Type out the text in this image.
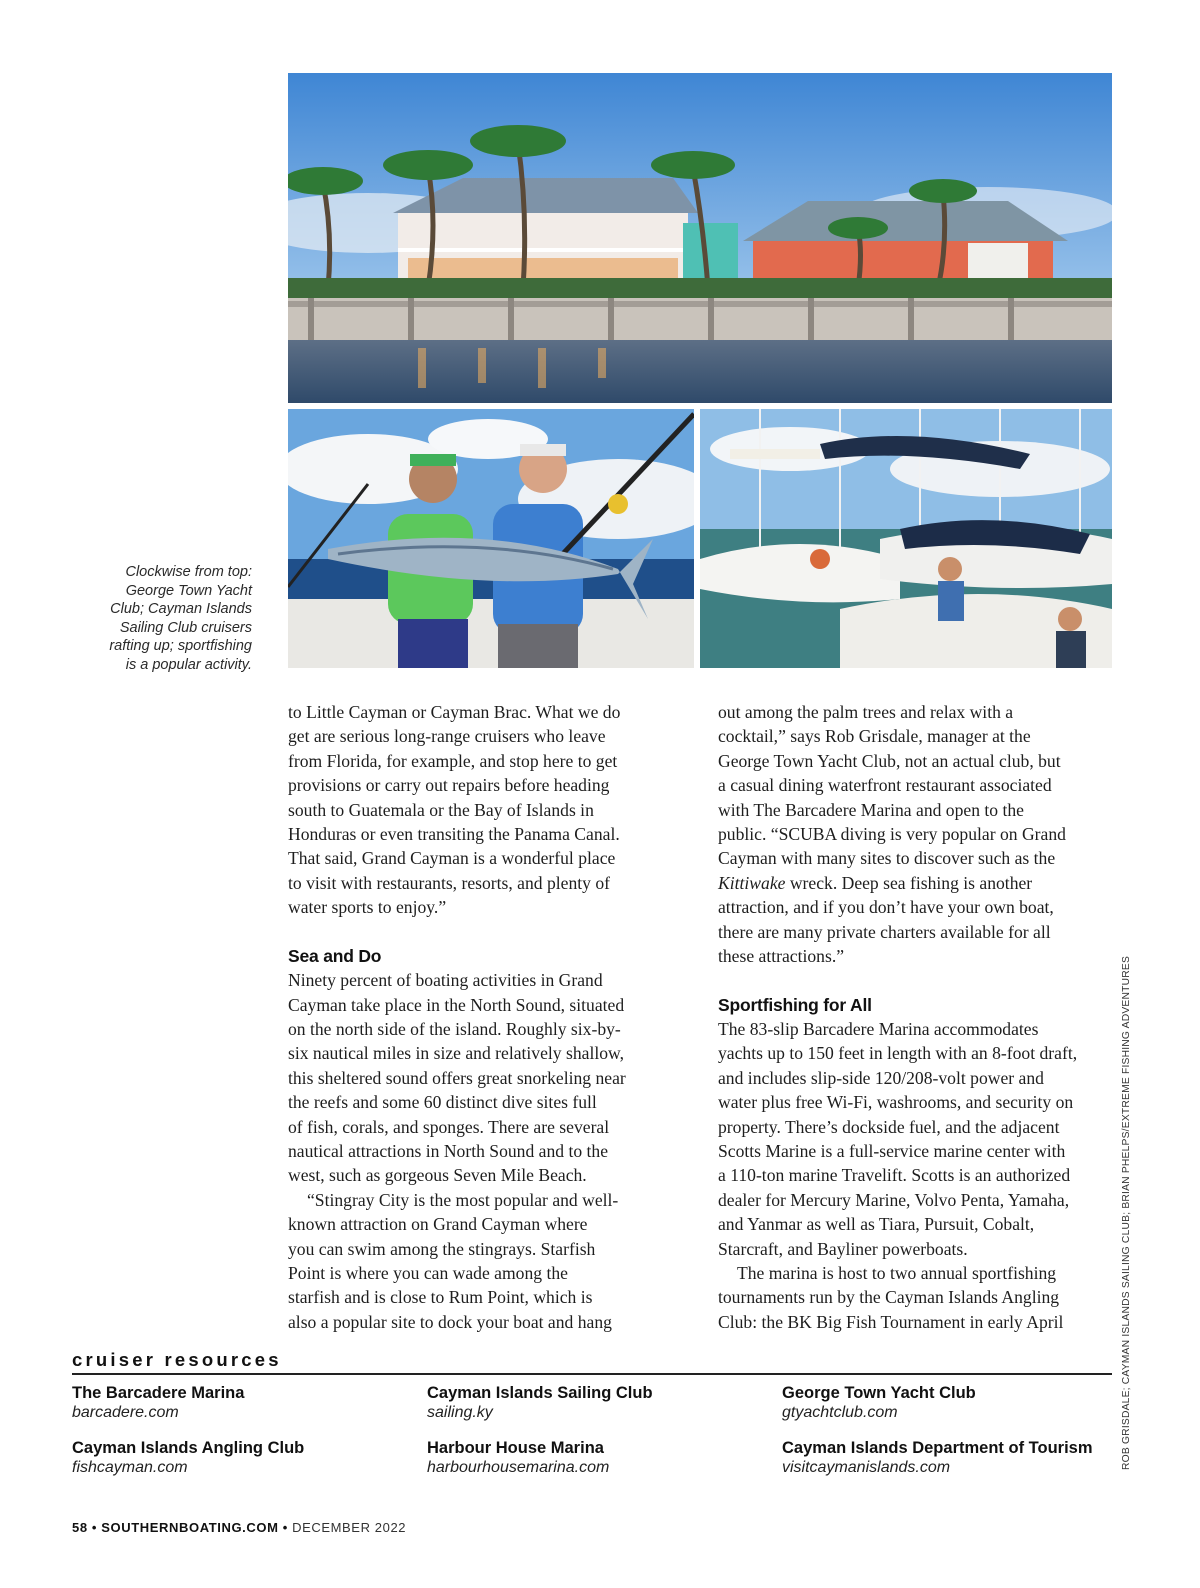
Clockwise from top:
George Town Yacht
Club; Cayman Islands
Sailing Club cruisers
rafting up; sportfishing
is a popular activity.
to Little Cayman or Cayman Brac. What we do
get are serious long-range cruisers who leave
from Florida, for example, and stop here to get
provisions or carry out repairs before heading
south to Guatemala or the Bay of Islands in
Honduras or even transiting the Panama Canal.
That said, Grand Cayman is a wonderful place
to visit with restaurants, resorts, and plenty of
water sports to enjoy.”
Sea and Do
Ninety percent of boating activities in Grand
Cayman take place in the North Sound, situated
on the north side of the island. Roughly six-by-
six nautical miles in size and relatively shallow,
this sheltered sound offers great snorkeling near
the reefs and some 60 distinct dive sites full
of fish, corals, and sponges. There are several
nautical attractions in North Sound and to the
west, such as gorgeous Seven Mile Beach.
“Stingray City is the most popular and well-
known attraction on Grand Cayman where
you can swim among the stingrays. Starfish
Point is where you can wade among the
starfish and is close to Rum Point, which is
also a popular site to dock your boat and hang
out among the palm trees and relax with a
cocktail,” says Rob Grisdale, manager at the
George Town Yacht Club, not an actual club, but
a casual dining waterfront restaurant associated
with The Barcadere Marina and open to the
public. “SCUBA diving is very popular on Grand
Cayman with many sites to discover such as the
Kittiwake wreck. Deep sea fishing is another
attraction, and if you don’t have your own boat,
there are many private charters available for all
these attractions.”
Sportfishing for All
The 83-slip Barcadere Marina accommodates
yachts up to 150 feet in length with an 8-foot draft,
and includes slip-side 120/208-volt power and
water plus free Wi-Fi, washrooms, and security on
property. There’s dockside fuel, and the adjacent
Scotts Marine is a full-service marine center with
a 110-ton marine Travelift. Scotts is an authorized
dealer for Mercury Marine, Volvo Penta, Yamaha,
and Yanmar as well as Tiara, Pursuit, Cobalt,
Starcraft, and Bayliner powerboats.
The marina is host to two annual sportfishing
tournaments run by the Cayman Islands Angling
Club: the BK Big Fish Tournament in early April	ROB GRISDALE; CAYMAN ISLANDS SAILING CLUB; BRIAN PHELPS/EXTREME FISHING ADVENTURES
cruiser resources
The Barcadere Marina
barcadere.com
Cayman Islands Sailing Club
sailing.ky
George Town Yacht Club
gtyachtclub.com
Cayman Islands Angling Club
fishcayman.com
Harbour House Marina
harbourhousemarina.com
Cayman Islands Department of Tourism
visitcaymanislands.com
58 • SOUTHERNBOATING.COM • DECEMBER 2022
